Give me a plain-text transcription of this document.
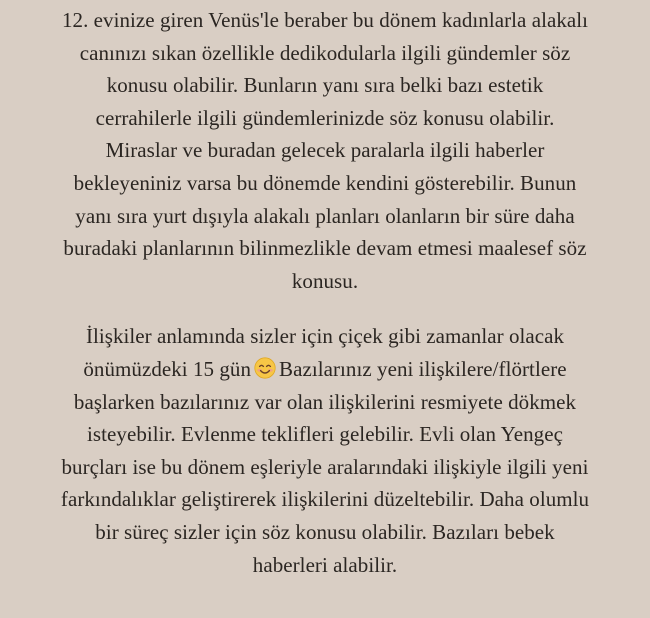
12. evinize giren Venüs'le beraber bu dönem kadınlarla alakalı
canınızı sıkan özellikle dedikodularla ilgili gündemler söz
konusu olabilir. Bunların yanı sıra belki bazı estetik
cerrahilerle ilgili gündemlerinizde söz konusu olabilir.
Miraslar ve buradan gelecek paralarla ilgili haberler
bekleyeniniz varsa bu dönemde kendini gösterebilir. Bunun
yanı sıra yurt dışıyla alakalı planları olanların bir süre daha
buradaki planlarının bilinmezlikle devam etmesi maalesef söz
konusu.

İlişkiler anlamında sizler için çiçek gibi zamanlar olacak
önümüzdeki 15 gün Bazılarınız yeni ilişkilere/flörtlere
başlarken bazılarınız var olan ilişkilerini resmiyete dökmek
isteyebilir. Evlenme teklifleri gelebilir. Evli olan Yengeç
burçları ise bu dönem eşleriyle aralarındaki ilişkiyle ilgili yeni
farkındalıklar geliştirerek ilişkilerini düzeltebilir. Daha olumlu
bir süreç sizler için söz konusu olabilir. Bazıları bebek
haberleri alabilir.
